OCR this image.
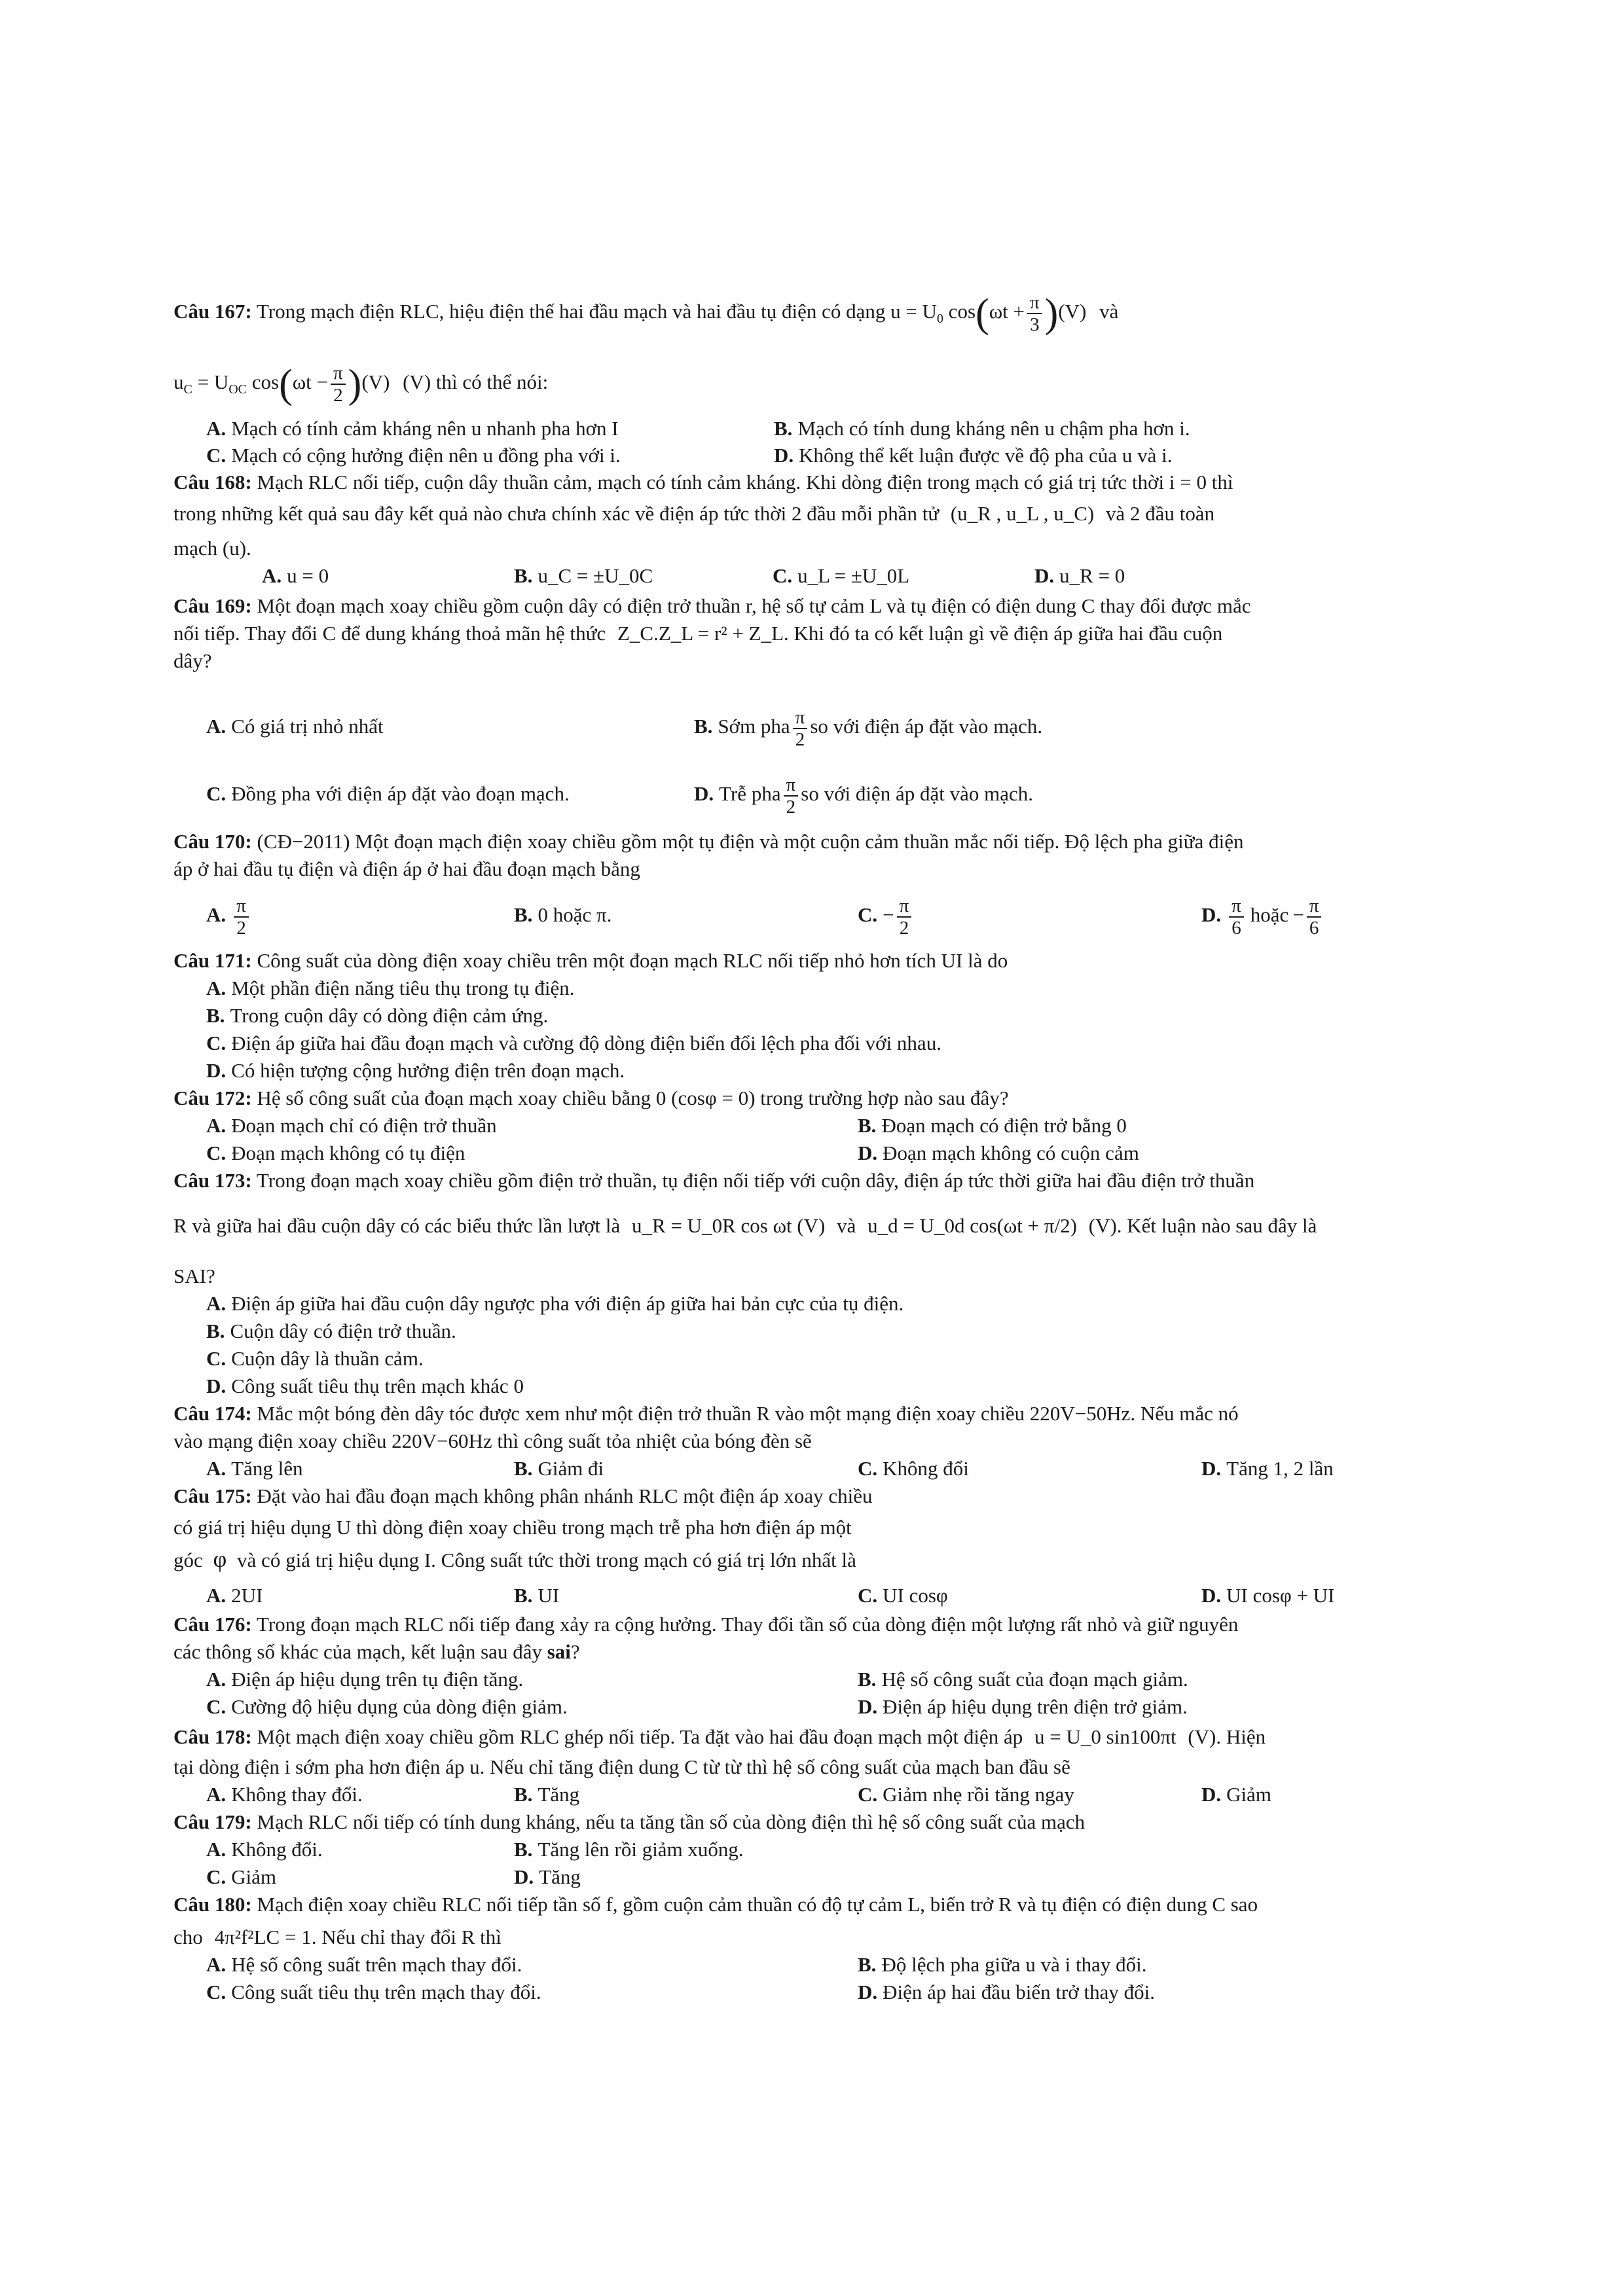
Câu 167: Trong mạch điện RLC, hiệu điện thế hai đầu mạch và hai đầu tụ điện có dạng $u = U_0$ $\cos(\omega t + \frac{\pi}{3} )(V)$ và
$u_C = U_{OC}$ $\cos(\omega t - \frac{\pi}{2} )(V)$ (V) thì có thể nói:
A. Mạch có tính cảm kháng nên u nhanh pha hơn I	B. Mạch có tính dung kháng nên u chậm pha hơn i.
C. Mạch có cộng hưởng điện nên u đồng pha với i.	D. Không thể kết luận được về độ pha của u và i.
Câu 168: Mạch RLC nối tiếp, cuộn dây thuần cảm, mạch có tính cảm kháng. Khi dòng điện trong mạch có giá trị tức thời i = 0 thì
trong những kết quả sau đây kết quả nào chưa chính xác về điện áp tức thời 2 đầu mỗi phần tử (u_R , u_L , u_C) và 2 đầu toàn
mạch (u).
A. u = 0	B. u_C = ±U_0C	C. u_L = ±U_0L	D. u_R = 0
Câu 169: Một đoạn mạch xoay chiều gồm cuộn dây có điện trở thuần r, hệ số tự cảm L và tụ điện có điện dung C thay đổi được mắc
nối tiếp. Thay đổi C để dung kháng thoả mãn hệ thức Z_C.Z_L = r² + Z_L. Khi đó ta có kết luận gì về điện áp giữa hai đầu cuộn
dây?
A. Có giá trị nhỏ nhất	B. Sớm pha $\frac{\pi}{2}$ so với điện áp đặt vào mạch.
C. Đồng pha với điện áp đặt vào đoạn mạch.	D. Trễ pha $\frac{\pi}{2}$ so với điện áp đặt vào mạch.
Câu 170: (CĐ−2011) Một đoạn mạch điện xoay chiều gồm một tụ điện và một cuộn cảm thuần mắc nối tiếp. Độ lệch pha giữa điện
áp ở hai đầu tụ điện và điện áp ở hai đầu đoạn mạch bằng
A. $\frac{\pi}{2}$	B. 0 hoặc π.	C. − $\frac{\pi}{2}$	D. $\frac{\pi}{6}$ hoặc − $\frac{\pi}{6}$
Câu 171: Công suất của dòng điện xoay chiều trên một đoạn mạch RLC nối tiếp nhỏ hơn tích UI là do
A. Một phần điện năng tiêu thụ trong tụ điện.
B. Trong cuộn dây có dòng điện cảm ứng.
C. Điện áp giữa hai đầu đoạn mạch và cường độ dòng điện biến đổi lệch pha đối với nhau.
D. Có hiện tượng cộng hưởng điện trên đoạn mạch.
Câu 172: Hệ số công suất của đoạn mạch xoay chiều bằng 0 (cosφ = 0) trong trường hợp nào sau đây?
A. Đoạn mạch chỉ có điện trở thuần	B. Đoạn mạch có điện trở bằng 0
C. Đoạn mạch không có tụ điện	D. Đoạn mạch không có cuộn cảm
Câu 173: Trong đoạn mạch xoay chiều gồm điện trở thuần, tụ điện nối tiếp với cuộn dây, điện áp tức thời giữa hai đầu điện trở thuần
R và giữa hai đầu cuộn dây có các biểu thức lần lượt là u_R = U_0R cos ωt (V) và u_d = U_0d cos(ωt + π/2) (V). Kết luận nào sau đây là
SAI?
A. Điện áp giữa hai đầu cuộn dây ngược pha với điện áp giữa hai bản cực của tụ điện.
B. Cuộn dây có điện trở thuần.
C. Cuộn dây là thuần cảm.
D. Công suất tiêu thụ trên mạch khác 0
Câu 174: Mắc một bóng đèn dây tóc được xem như một điện trở thuần R vào một mạng điện xoay chiều 220V−50Hz. Nếu mắc nó
vào mạng điện xoay chiều 220V−60Hz thì công suất tỏa nhiệt của bóng đèn sẽ
A. Tăng lên	B. Giảm đi	C. Không đổi	D. Tăng 1, 2 lần
Câu 175: Đặt vào hai đầu đoạn mạch không phân nhánh RLC một điện áp xoay chiều
có giá trị hiệu dụng U thì dòng điện xoay chiều trong mạch trễ pha hơn điện áp một
góc φ và có giá trị hiệu dụng I. Công suất tức thời trong mạch có giá trị lớn nhất là
A. 2UI	B. UI	C. UI cosφ	D. UI cosφ + UI
Câu 176: Trong đoạn mạch RLC nối tiếp đang xảy ra cộng hưởng. Thay đổi tần số của dòng điện một lượng rất nhỏ và giữ nguyên
các thông số khác của mạch, kết luận sau đây sai?
A. Điện áp hiệu dụng trên tụ điện tăng.	B. Hệ số công suất của đoạn mạch giảm.
C. Cường độ hiệu dụng của dòng điện giảm.	D. Điện áp hiệu dụng trên điện trở giảm.
Câu 178: Một mạch điện xoay chiều gồm RLC ghép nối tiếp. Ta đặt vào hai đầu đoạn mạch một điện áp u = U_0 sin100πt (V). Hiện
tại dòng điện i sớm pha hơn điện áp u. Nếu chỉ tăng điện dung C từ từ thì hệ số công suất của mạch ban đầu sẽ
A. Không thay đổi.	B. Tăng	C. Giảm nhẹ rồi tăng ngay	D. Giảm
Câu 179: Mạch RLC nối tiếp có tính dung kháng, nếu ta tăng tần số của dòng điện thì hệ số công suất của mạch
A. Không đổi.	B. Tăng lên rồi giảm xuống.
C. Giảm	D. Tăng
Câu 180: Mạch điện xoay chiều RLC nối tiếp tần số f, gồm cuộn cảm thuần có độ tự cảm L, biến trở R và tụ điện có điện dung C sao
cho 4π²f²LC = 1. Nếu chỉ thay đổi R thì
A. Hệ số công suất trên mạch thay đổi.	B. Độ lệch pha giữa u và i thay đổi.
C. Công suất tiêu thụ trên mạch thay đổi.	D. Điện áp hai đầu biến trở thay đổi.
